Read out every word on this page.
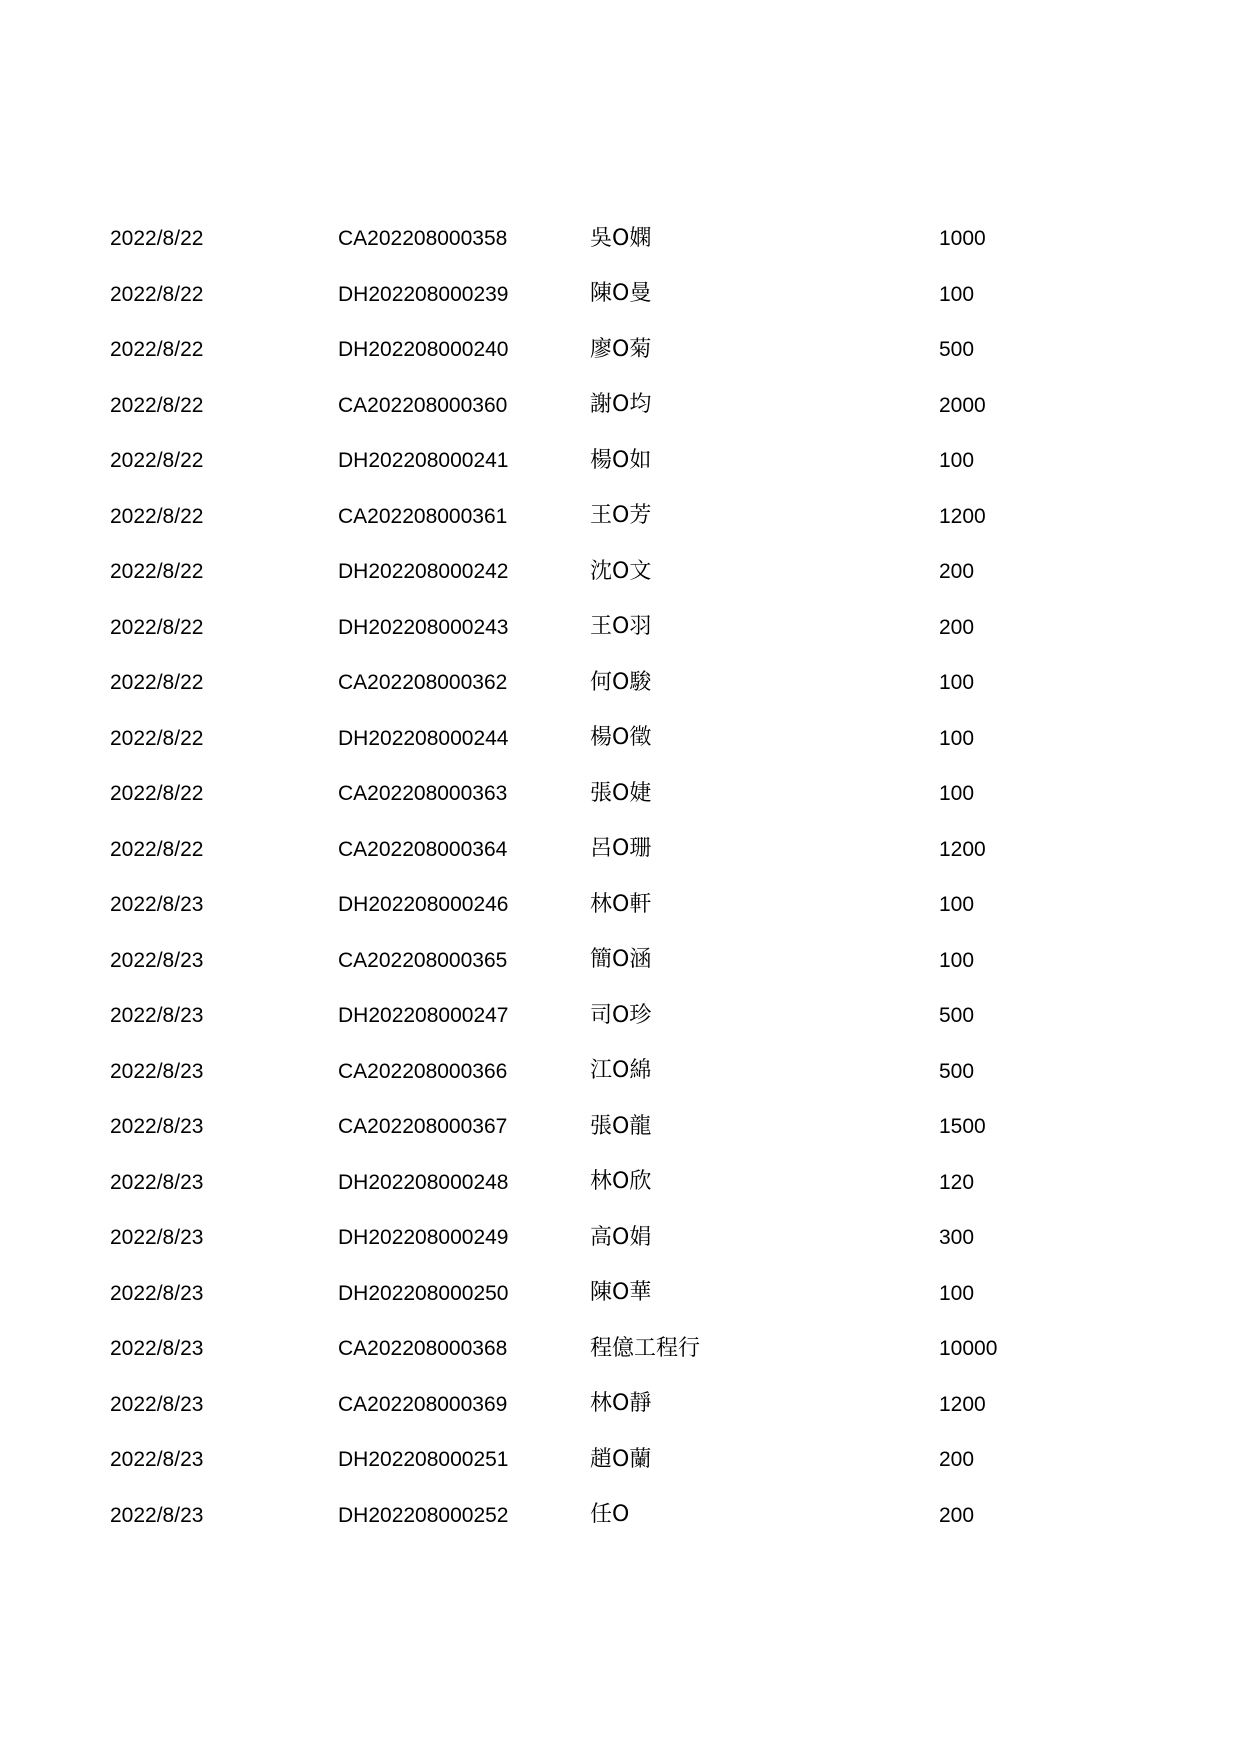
2022/8/22	CA202208000358	吳O嫻	1000
2022/8/22	DH202208000239	陳O曼	100
2022/8/22	DH202208000240	廖O菊	500
2022/8/22	CA202208000360	謝O均	2000
2022/8/22	DH202208000241	楊O如	100
2022/8/22	CA202208000361	王O芳	1200
2022/8/22	DH202208000242	沈O文	200
2022/8/22	DH202208000243	王O羽	200
2022/8/22	CA202208000362	何O駿	100
2022/8/22	DH202208000244	楊O徵	100
2022/8/22	CA202208000363	張O婕	100
2022/8/22	CA202208000364	呂O珊	1200
2022/8/23	DH202208000246	林O軒	100
2022/8/23	CA202208000365	簡O涵	100
2022/8/23	DH202208000247	司O珍	500
2022/8/23	CA202208000366	江O綿	500
2022/8/23	CA202208000367	張O龍	1500
2022/8/23	DH202208000248	林O欣	120
2022/8/23	DH202208000249	高O娟	300
2022/8/23	DH202208000250	陳O華	100
2022/8/23	CA202208000368	程億工程行	10000
2022/8/23	CA202208000369	林O靜	1200
2022/8/23	DH202208000251	趙O蘭	200
2022/8/23	DH202208000252	任O	200
